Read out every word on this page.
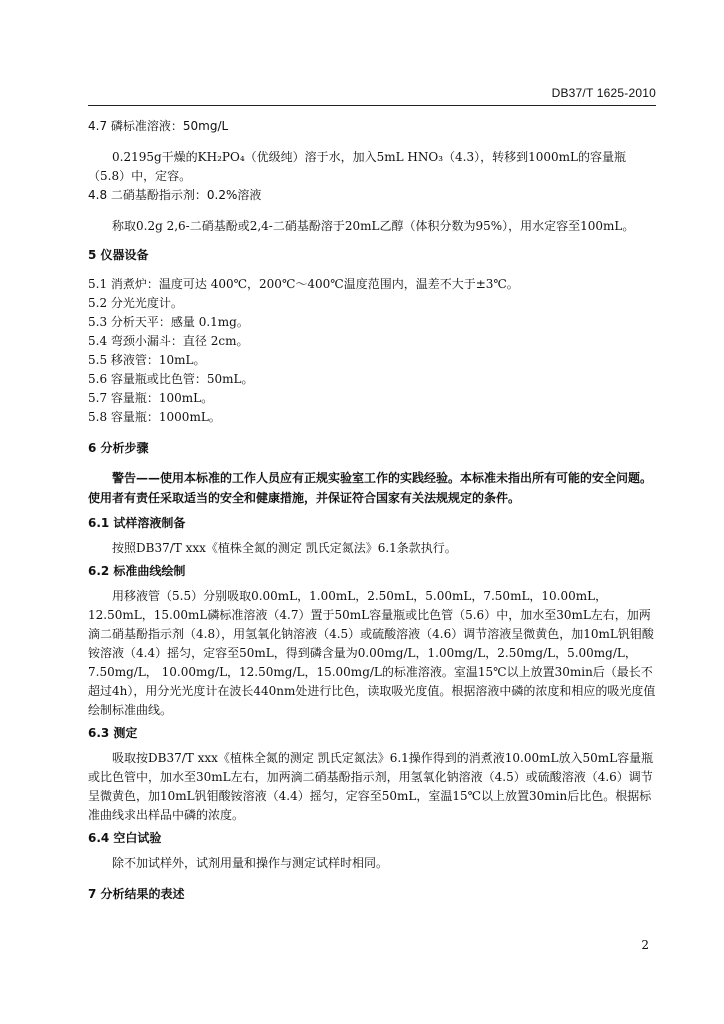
DB37/T 1625-2010

4.7 磷标准溶液：50mg/L

0.2195g干燥的KH₂PO₄（优级纯）溶于水，加入5mL HNO₃（4.3），转移到1000mL的容量瓶（5.8）中，定容。

4.8 二硝基酚指示剂：0.2%溶液

称取0.2g 2,6-二硝基酚或2,4-二硝基酚溶于20mL乙醇（体积分数为95%），用水定容至100mL。

5 仪器设备

5.1 消煮炉：温度可达 400℃，200℃～400℃温度范围内，温差不大于±3℃。

5.2 分光光度计。

5.3 分析天平：感量 0.1mg。

5.4 弯颈小漏斗：直径 2cm。

5.5 移液管：10mL。

5.6 容量瓶或比色管：50mL。

5.7 容量瓶：100mL。

5.8 容量瓶：1000mL。

6 分析步骤

警告——使用本标准的工作人员应有正规实验室工作的实践经验。本标准未指出所有可能的安全问题。使用者有责任采取适当的安全和健康措施，并保证符合国家有关法规规定的条件。

6.1 试样溶液制备

按照DB37/T xxx《植株全氮的测定 凯氏定氮法》6.1条款执行。

6.2 标准曲线绘制

用移液管（5.5）分别吸取0.00mL，1.00mL，2.50mL，5.00mL，7.50mL，10.00mL，12.50mL，15.00mL磷标准溶液（4.7）置于50mL容量瓶或比色管（5.6）中，加水至30mL左右，加两滴二硝基酚指示剂（4.8），用氢氧化钠溶液（4.5）或硫酸溶液（4.6）调节溶液呈微黄色，加10mL钒钼酸铵溶液（4.4）摇匀，定容至50mL，得到磷含量为0.00mg/L，1.00mg/L，2.50mg/L，5.00mg/L，7.50mg/L， 10.00mg/L，12.50mg/L，15.00mg/L的标准溶液。室温15℃以上放置30min后（最长不超过4h），用分光光度计在波长440nm处进行比色，读取吸光度值。根据溶液中磷的浓度和相应的吸光度值绘制标准曲线。

6.3 测定

吸取按DB37/T xxx《植株全氮的测定 凯氏定氮法》6.1操作得到的消煮液10.00mL放入50mL容量瓶或比色管中，加水至30mL左右，加两滴二硝基酚指示剂，用氢氧化钠溶液（4.5）或硫酸溶液（4.6）调节呈微黄色，加10mL钒钼酸铵溶液（4.4）摇匀，定容至50mL，室温15℃以上放置30min后比色。根据标准曲线求出样品中磷的浓度。

6.4 空白试验

除不加试样外，试剂用量和操作与测定试样时相同。

7 分析结果的表述
2
